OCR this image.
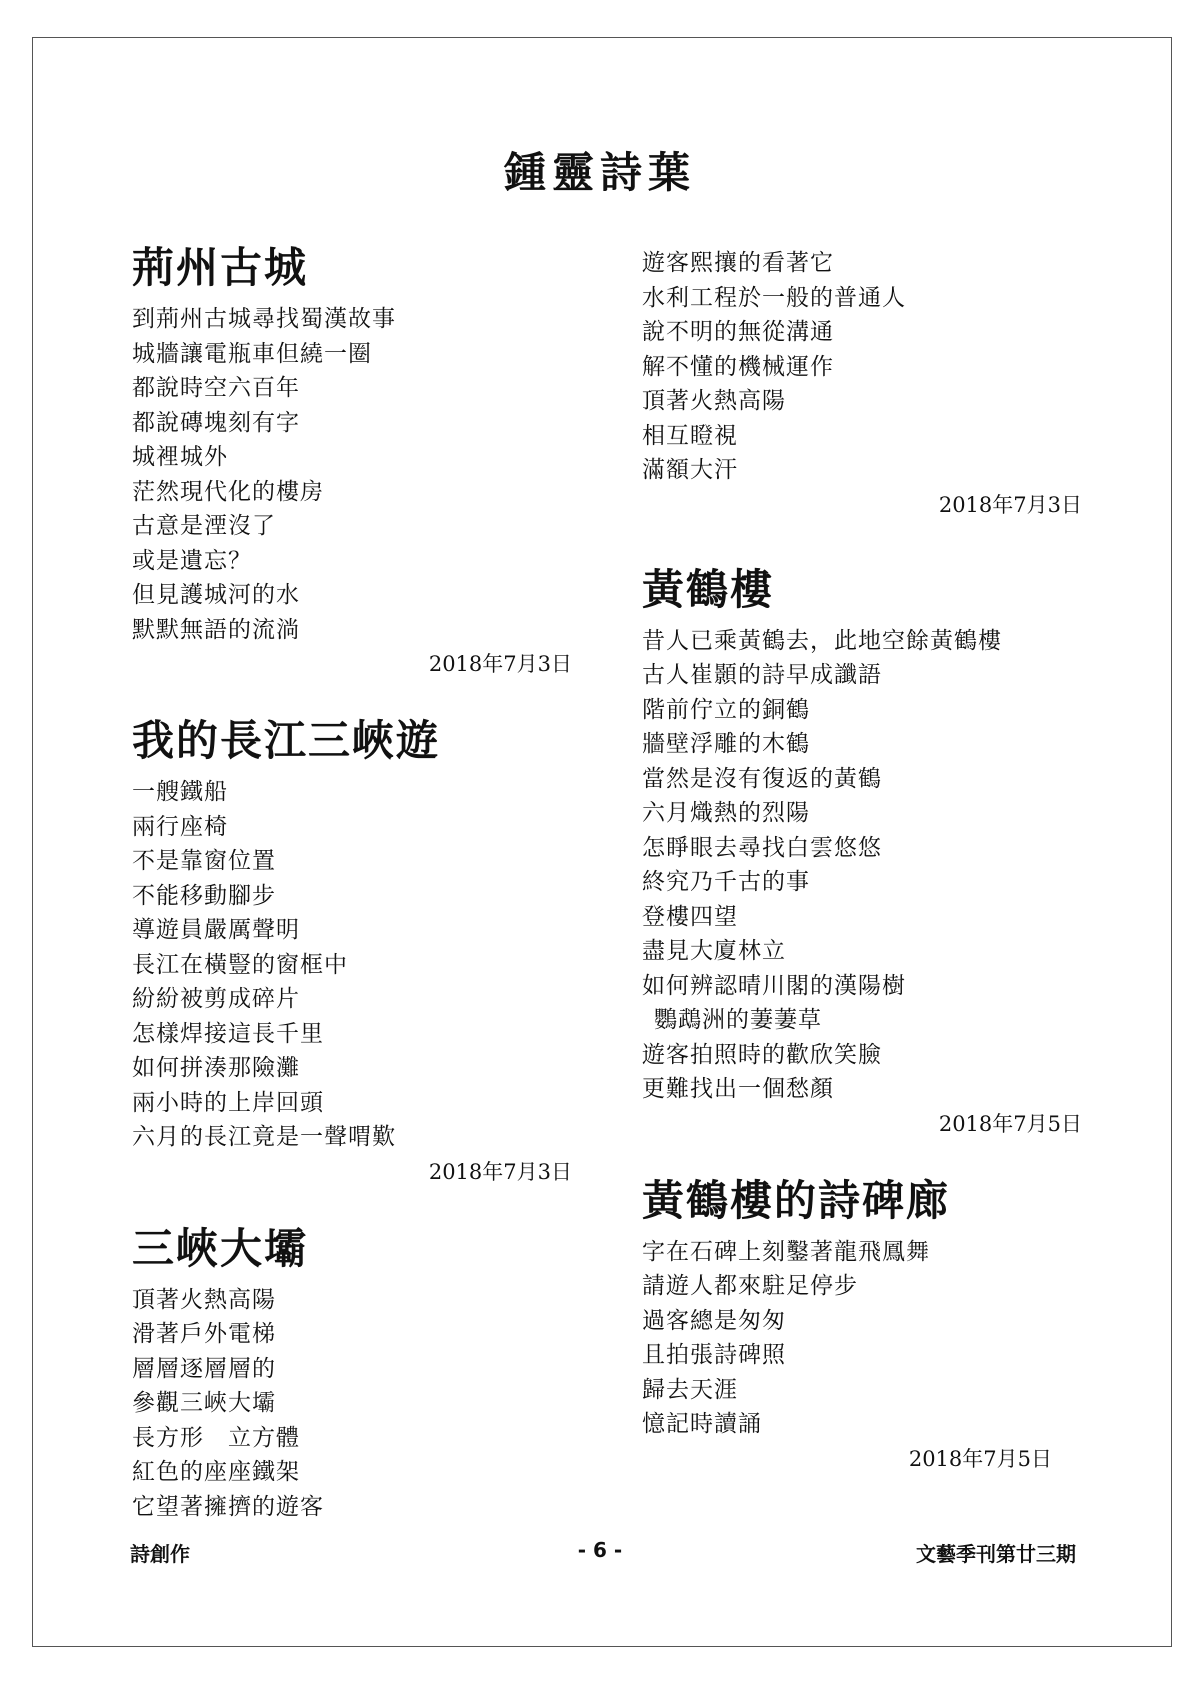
鍾靈詩葉
荊州古城
到荊州古城尋找蜀漢故事
城牆讓電瓶車但繞一圈
都說時空六百年
都說磚塊刻有字
城裡城外
茫然現代化的樓房
古意是湮沒了
或是遺忘？
但見護城河的水
默默無語的流淌
2018年7月3日
我的長江三峽遊
一艘鐵船
兩行座椅
不是靠窗位置
不能移動腳步
導遊員嚴厲聲明
長江在橫豎的窗框中
紛紛被剪成碎片
怎樣焊接這長千里
如何拼湊那險灘
兩小時的上岸回頭
六月的長江竟是一聲喟歎
2018年7月3日
三峽大壩
頂著火熱高陽
滑著戶外電梯
層層逐層層的
參觀三峽大壩
長方形　立方體
紅色的座座鐵架
它望著擁擠的遊客
遊客熙攘的看著它
水利工程於一般的普通人
說不明的無從溝通
解不懂的機械運作
頂著火熱高陽
相互瞪視
滿額大汗
2018年7月3日
黃鶴樓
昔人已乘黃鶴去，此地空餘黃鶴樓
古人崔顥的詩早成讖語
階前佇立的銅鶴
牆壁浮雕的木鶴
當然是沒有復返的黃鶴
六月熾熱的烈陽
怎睜眼去尋找白雲悠悠
終究乃千古的事
登樓四望
盡見大廈林立
如何辨認晴川閣的漢陽樹
鸚鵡洲的萋萋草
遊客拍照時的歡欣笑臉
更難找出一個愁顏
2018年7月5日
黃鶴樓的詩碑廊
字在石碑上刻鑿著龍飛鳳舞
請遊人都來駐足停步
過客總是匆匆
且拍張詩碑照
歸去天涯
憶記時讀誦
2018年7月5日
詩創作	- 6 -	文藝季刊第廿三期
